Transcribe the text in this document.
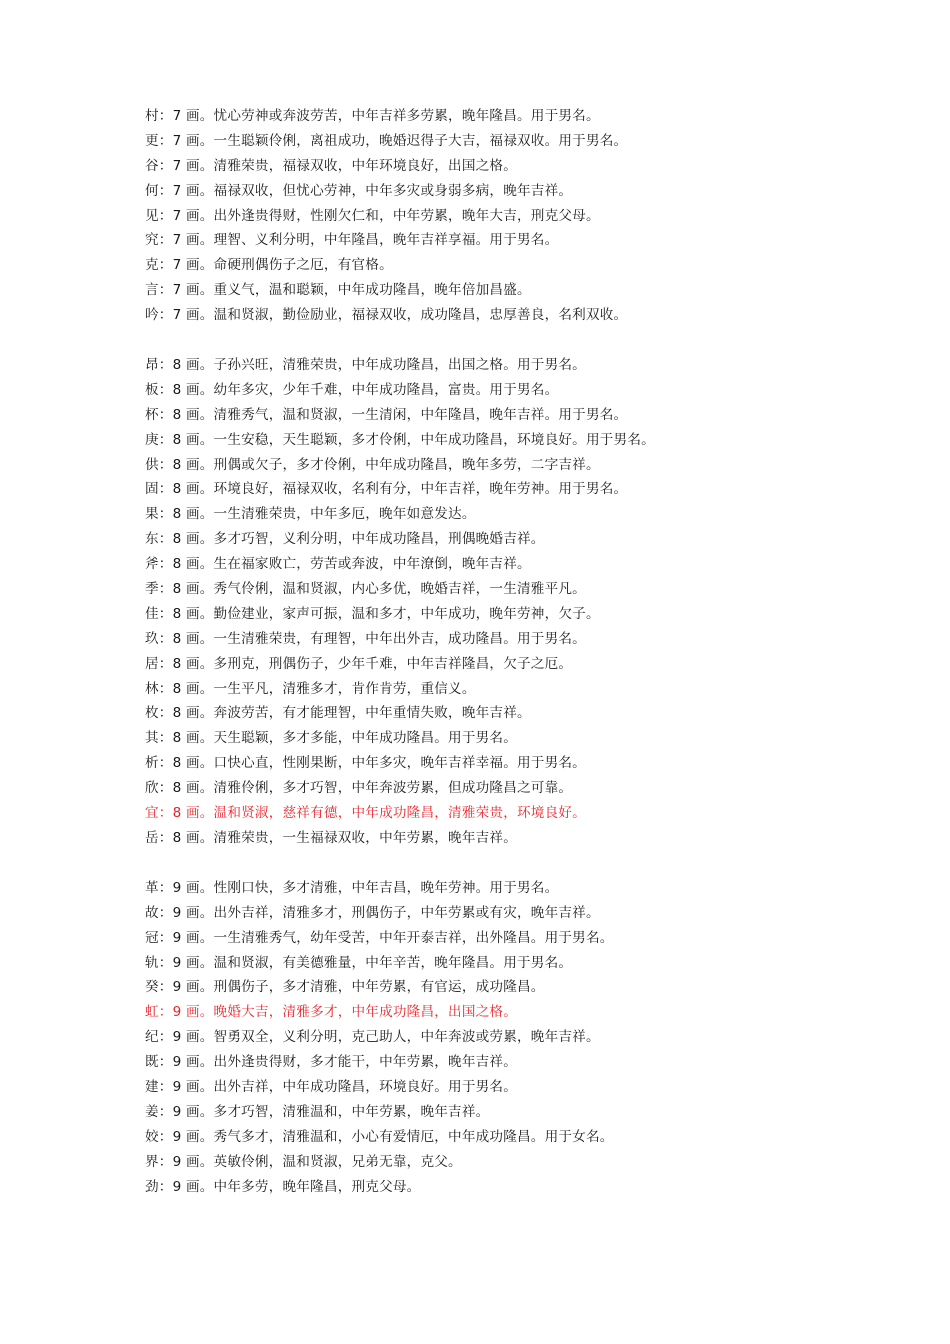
村：7 画。忧心劳神或奔波劳苦，中年吉祥多劳累，晚年隆昌。用于男名。
更：7 画。一生聪颖伶俐，离祖成功，晚婚迟得子大吉，福禄双收。用于男名。
谷：7 画。清雅荣贵，福禄双收，中年环境良好，出国之格。
何：7 画。福禄双收，但忧心劳神，中年多灾或身弱多病，晚年吉祥。
见：7 画。出外逢贵得财，性刚欠仁和，中年劳累，晚年大吉，刑克父母。
究：7 画。理智、义利分明，中年隆昌，晚年吉祥享福。用于男名。
克：7 画。命硬刑偶伤子之厄，有官格。
言：7 画。重义气，温和聪颖，中年成功隆昌，晚年倍加昌盛。
吟：7 画。温和贤淑，勤俭励业，福禄双收，成功隆昌，忠厚善良，名利双收。
昂：8 画。子孙兴旺，清雅荣贵，中年成功隆昌，出国之格。用于男名。
板：8 画。幼年多灾，少年千难，中年成功隆昌，富贵。用于男名。
杯：8 画。清雅秀气，温和贤淑，一生清闲，中年隆昌，晚年吉祥。用于男名。
庚：8 画。一生安稳，天生聪颖，多才伶俐，中年成功隆昌，环境良好。用于男名。
供：8 画。刑偶或欠子，多才伶俐，中年成功隆昌，晚年多劳，二字吉祥。
固：8 画。环境良好，福禄双收，名利有分，中年吉祥，晚年劳神。用于男名。
果：8 画。一生清雅荣贵，中年多厄，晚年如意发达。
东：8 画。多才巧智，义利分明，中年成功隆昌，刑偶晚婚吉祥。
斧：8 画。生在福家败亡，劳苦或奔波，中年潦倒，晚年吉祥。
季：8 画。秀气伶俐，温和贤淑，内心多优，晚婚吉祥，一生清雅平凡。
佳：8 画。勤俭建业，家声可振，温和多才，中年成功，晚年劳神，欠子。
玖：8 画。一生清雅荣贵，有理智，中年出外吉，成功隆昌。用于男名。
居：8 画。多刑克，刑偶伤子，少年千难，中年吉祥隆昌，欠子之厄。
林：8 画。一生平凡，清雅多才，肯作肯劳，重信义。
枚：8 画。奔波劳苦，有才能理智，中年重情失败，晚年吉祥。
其：8 画。天生聪颖，多才多能，中年成功隆昌。用于男名。
析：8 画。口快心直，性刚果断，中年多灾，晚年吉祥幸福。用于男名。
欣：8 画。清雅伶俐，多才巧智，中年奔波劳累，但成功隆昌之可靠。
宜：8 画。温和贤淑，慈祥有德，中年成功隆昌，清雅荣贵，环境良好。
岳：8 画。清雅荣贵，一生福禄双收，中年劳累，晚年吉祥。
革：9 画。性刚口快，多才清雅，中年吉昌，晚年劳神。用于男名。
故：9 画。出外吉祥，清雅多才，刑偶伤子，中年劳累或有灾，晚年吉祥。
冠：9 画。一生清雅秀气，幼年受苦，中年开泰吉祥，出外隆昌。用于男名。
轨：9 画。温和贤淑，有美德雅量，中年辛苦，晚年隆昌。用于男名。
癸：9 画。刑偶伤子，多才清雅，中年劳累，有官运，成功隆昌。
虹：9 画。晚婚大吉，清雅多才，中年成功隆昌，出国之格。
纪：9 画。智勇双全，义利分明，克己助人，中年奔波或劳累，晚年吉祥。
既：9 画。出外逢贵得财，多才能干，中年劳累，晚年吉祥。
建：9 画。出外吉祥，中年成功隆昌，环境良好。用于男名。
姜：9 画。多才巧智，清雅温和，中年劳累，晚年吉祥。
姣：9 画。秀气多才，清雅温和，小心有爱情厄，中年成功隆昌。用于女名。
界：9 画。英敏伶俐，温和贤淑，兄弟无靠，克父。
劲：9 画。中年多劳，晚年隆昌，刑克父母。
